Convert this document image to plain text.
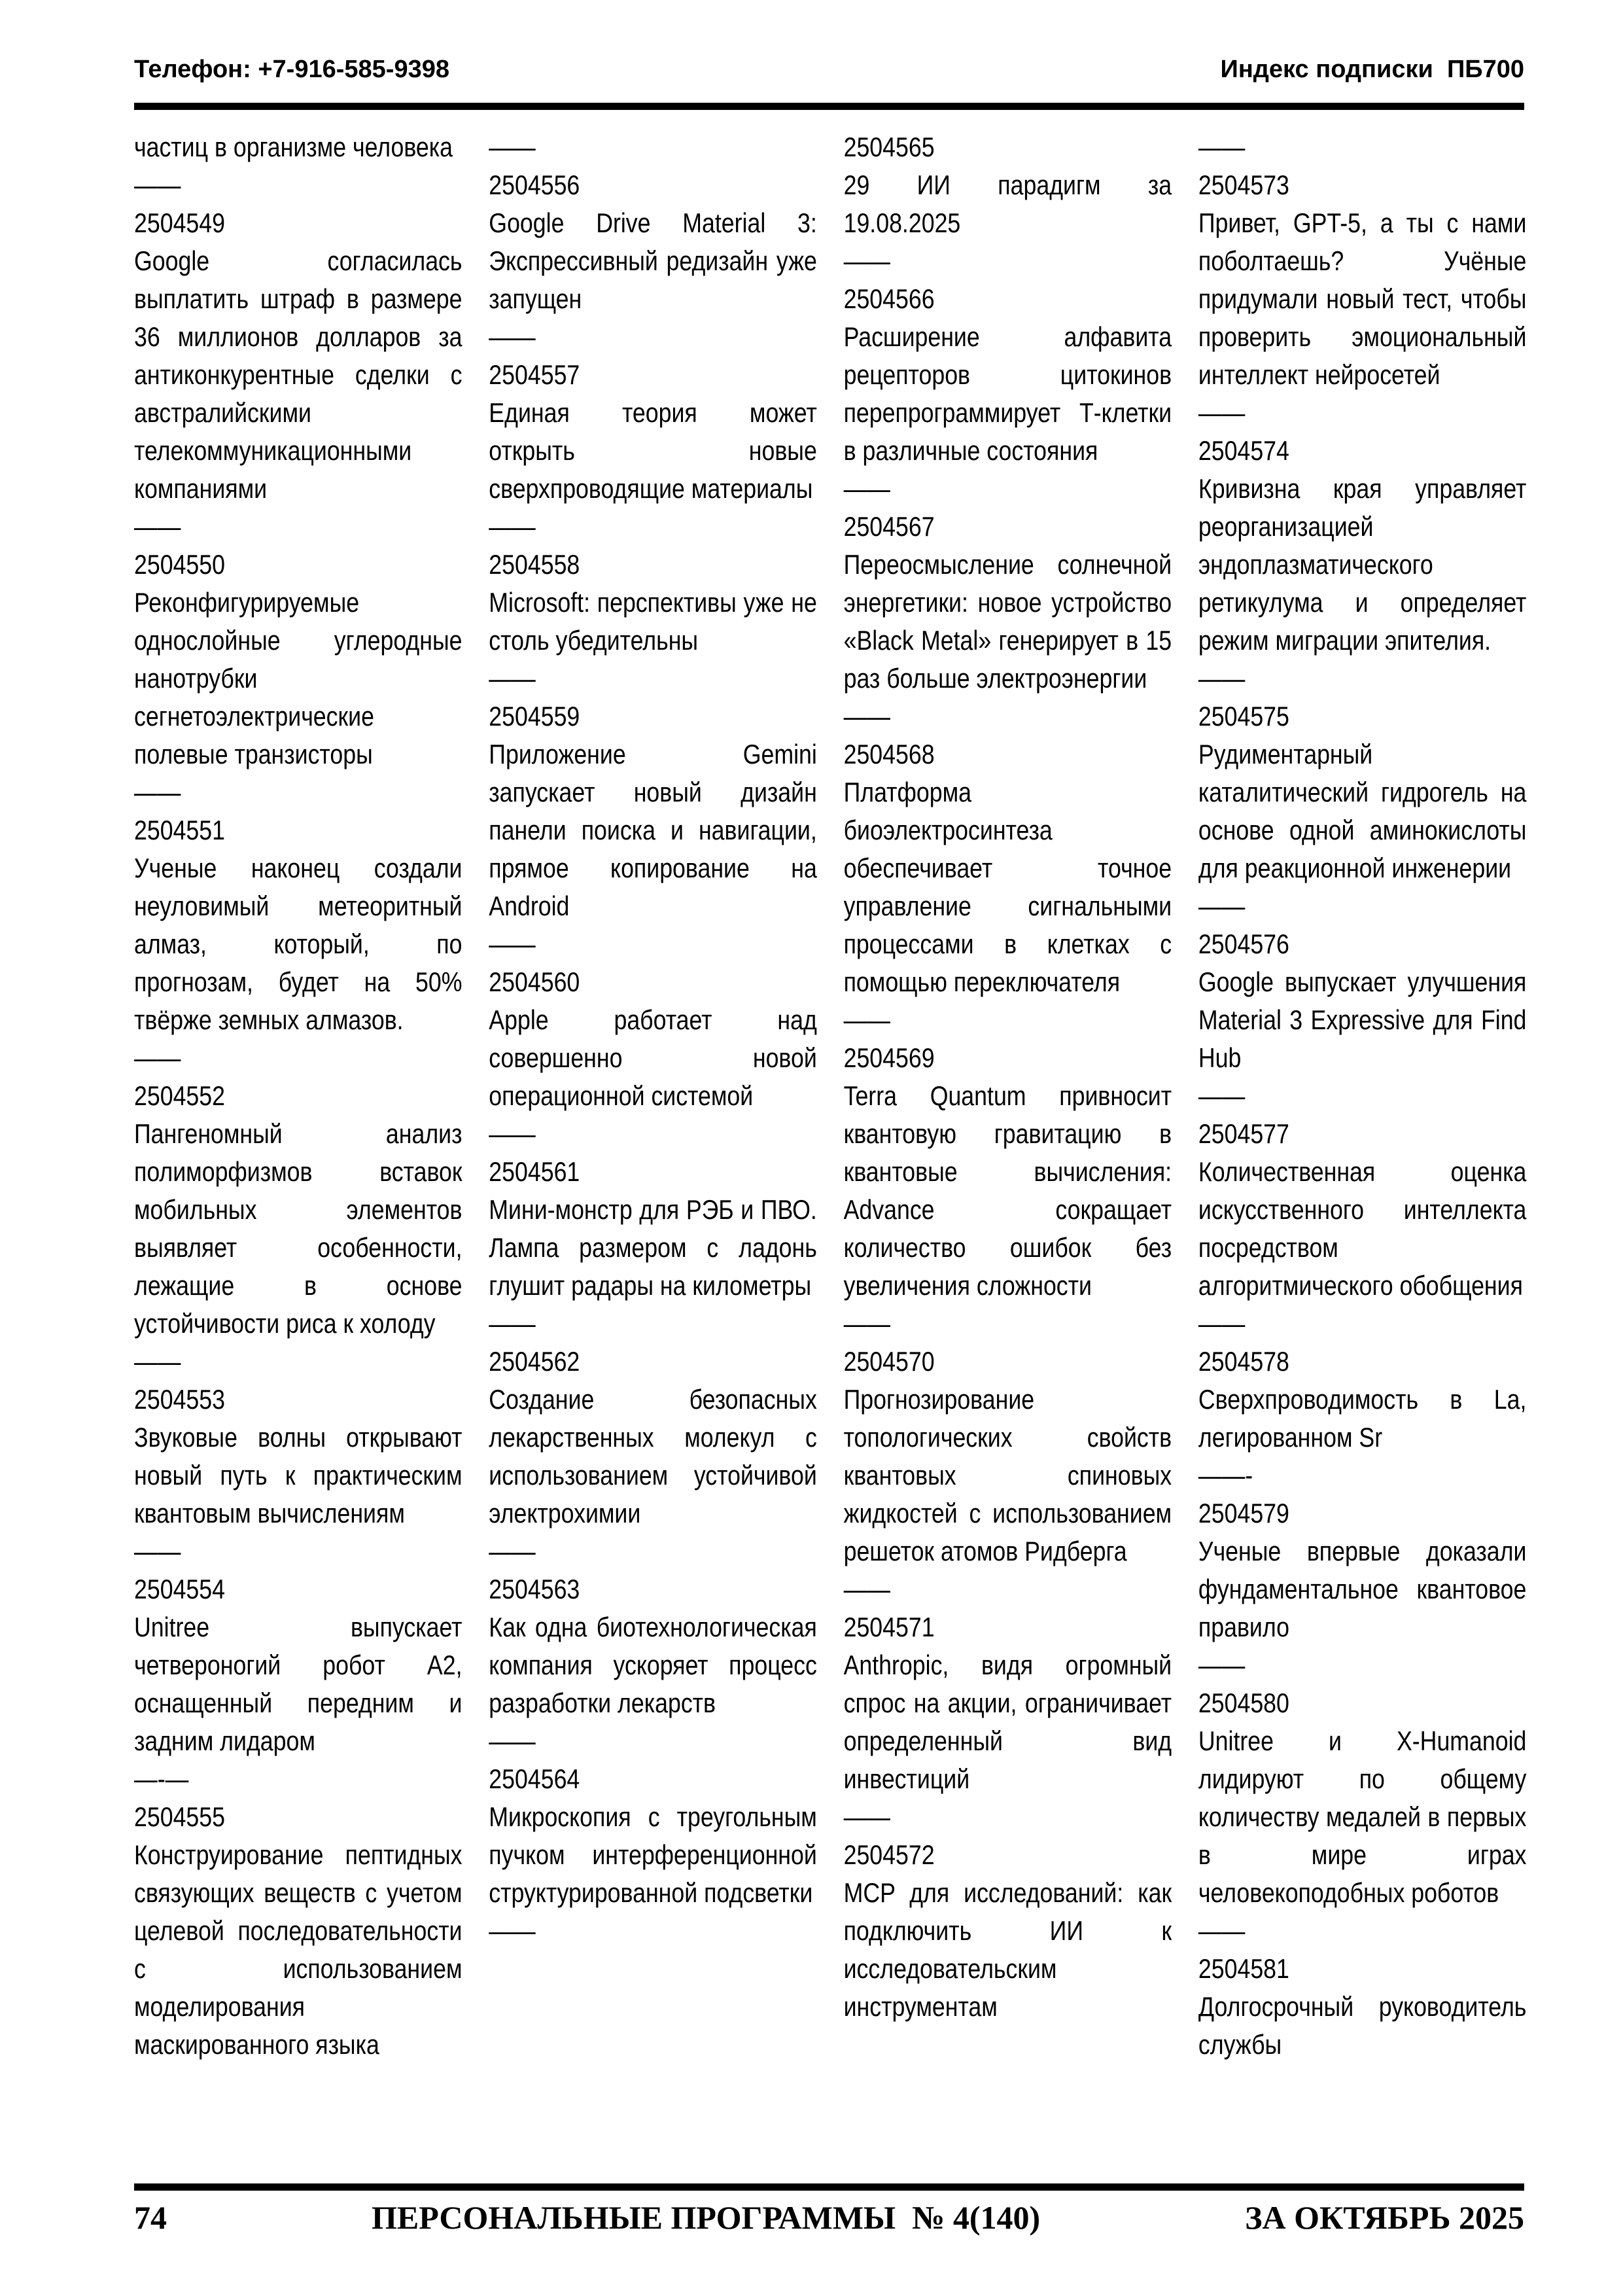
Телефон: +7-916-585-9398	Индекс подписки  ПБ700

частиц в организме человека

——

2504549

Google согласилась выплатить штраф в размере 36 миллионов долларов за антиконкурентные сделки с австралийскими телекоммуникационными компаниями

——

2504550

Реконфигурируемые однослойные углеродные нанотрубки сегнетоэлектрические полевые транзисторы

——

2504551

Ученые наконец создали неуловимый метеоритный алмаз, который, по прогнозам, будет на 50% твёрже земных алмазов.

——

2504552

Пангеномный анализ полиморфизмов вставок мобильных элементов выявляет особенности, лежащие в основе устойчивости риса к холоду

——

2504553

Звуковые волны открывают новый путь к практическим квантовым вычислениям

——

2504554

Unitree выпускает четвероногий робот A2, оснащенный передним и задним лидаром

—-—

2504555

Конструирование пептидных связующих веществ с учетом целевой последовательности с использованием моделирования маскированного языка

——

2504556

Google Drive Material 3: Экспрессивный редизайн уже запущен

——

2504557

Единая теория может открыть новые сверхпроводящие материалы

——

2504558

Microsoft: перспективы уже не столь убедительны

——

2504559

Приложение Gemini запускает новый дизайн панели поиска и навигации, прямое копирование на Android

——

2504560

Apple работает над совершенно новой операционной системой

——

2504561

Мини-монстр для РЭБ и ПВО. Лампа размером с ладонь глушит радары на километры

——

2504562

Создание безопасных лекарственных молекул с использованием устойчивой электрохимии

——

2504563

Как одна биотехнологическая компания ускоряет процесс разработки лекарств

——

2504564

Микроскопия с треугольным пучком интерференционной структурированной подсветки

——

2504565

29 ИИ парадигм за 19.08.2025

——

2504566

Расширение алфавита рецепторов цитокинов перепрограммирует Т-клетки в различные состояния

——

2504567

Переосмысление солнечной энергетики: новое устройство «Black Metal» генерирует в 15 раз больше электроэнергии

——

2504568

Платформа биоэлектросинтеза обеспечивает точное управление сигнальными процессами в клетках с помощью переключателя

——

2504569

Terra Quantum привносит квантовую гравитацию в квантовые вычисления: Advance сокращает количество ошибок без увеличения сложности

——

2504570

Прогнозирование топологических свойств квантовых спиновых жидкостей с использованием решеток атомов Ридберга

——

2504571

Anthropic, видя огромный спрос на акции, ограничивает определенный вид инвестиций

——

2504572

MCP для исследований: как подключить ИИ к исследовательским инструментам

——

2504573

Привет, GPT-5, а ты с нами поболтаешь? Учёные придумали новый тест, чтобы проверить эмоциональный интеллект нейросетей

——

2504574

Кривизна края управляет реорганизацией эндоплазматического ретикулума и определяет режим миграции эпителия.

——

2504575

Рудиментарный каталитический гидрогель на основе одной аминокислоты для реакционной инженерии

——

2504576

Google выпускает улучшения Material 3 Expressive для Find Hub

——

2504577

Количественная оценка искусственного интеллекта посредством алгоритмического обобщения

——

2504578

Сверхпроводимость в La, легированном Sr

——-

2504579

Ученые впервые доказали фундаментальное квантовое правило

——

2504580

Unitree и X-Humanoid лидируют по общему количеству медалей в первых в мире играх человекоподобных роботов

——

2504581

Долгосрочный руководитель службы

74	ПЕРСОНАЛЬНЫЕ ПРОГРАММЫ  № 4(140)	ЗА ОКТЯБРЬ 2025
